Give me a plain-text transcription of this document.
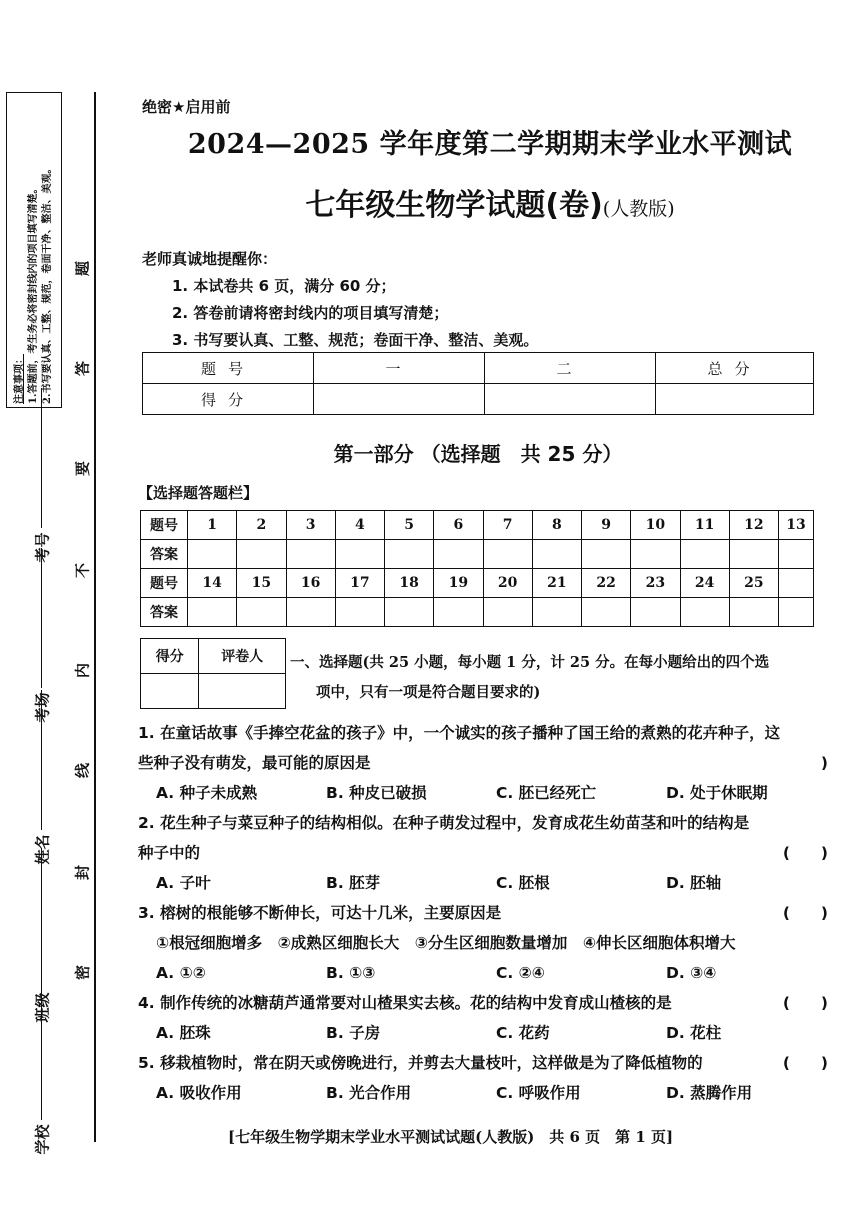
注意事项： 1.答题前，考生务必将密封线内的项目填写清楚。 2.书写要认真、工整、规范，卷面干净、整洁、美观。 题
答
要
不
内
线
封
密
考号
考场
姓名
班级
学校
绝密★启用前
2024—2025 学年度第二学期期末学业水平测试
七年级生物学试题(卷)(人教版)
老师真诚地提醒你：
1. 本试卷共 6 页，满分 60 分；
2. 答卷前请将密封线内的项目填写清楚；
3. 书写要认真、工整、规范；卷面干净、整洁、美观。
题号	一	二	总分
得分			
第一部分 （选择题　共 25 分）
【选择题答题栏】
题号	1	2	3	4	5	6	7	8	9	10	11	12	13
答案													
题号	14	15	16	17	18	19	20	21	22	23	24	25	
答案													
得分	评卷人
	一、选择题(共 25 小题，每小题 1 分，计 25 分。在每小题给出的四个选
项中，只有一项是符合题目要求的)
1. 在童话故事《手捧空花盆的孩子》中，一个诚实的孩子播种了国王给的煮熟的花卉种子，这
些种子没有萌发，最可能的原因是	)
A. 种子未成熟	B. 种皮已破损	C. 胚已经死亡	D. 处于休眠期
2. 花生种子与菜豆种子的结构相似。在种子萌发过程中，发育成花生幼苗茎和叶的结构是
种子中的	(　　)
A. 子叶	B. 胚芽	C. 胚根	D. 胚轴
3. 榕树的根能够不断伸长，可达十几米，主要原因是	(　　)
①根冠细胞增多　②成熟区细胞长大　③分生区细胞数量增加　④伸长区细胞体积增大
A. ①②	B. ①③	C. ②④	D. ③④
4. 制作传统的冰糖葫芦通常要对山楂果实去核。花的结构中发育成山楂核的是	(　　)
A. 胚珠	B. 子房	C. 花药	D. 花柱
5. 移栽植物时，常在阴天或傍晚进行，并剪去大量枝叶，这样做是为了降低植物的	(　　)
A. 吸收作用	B. 光合作用	C. 呼吸作用	D. 蒸腾作用
[七年级生物学期末学业水平测试试题(人教版)　共 6 页　第 1 页]
